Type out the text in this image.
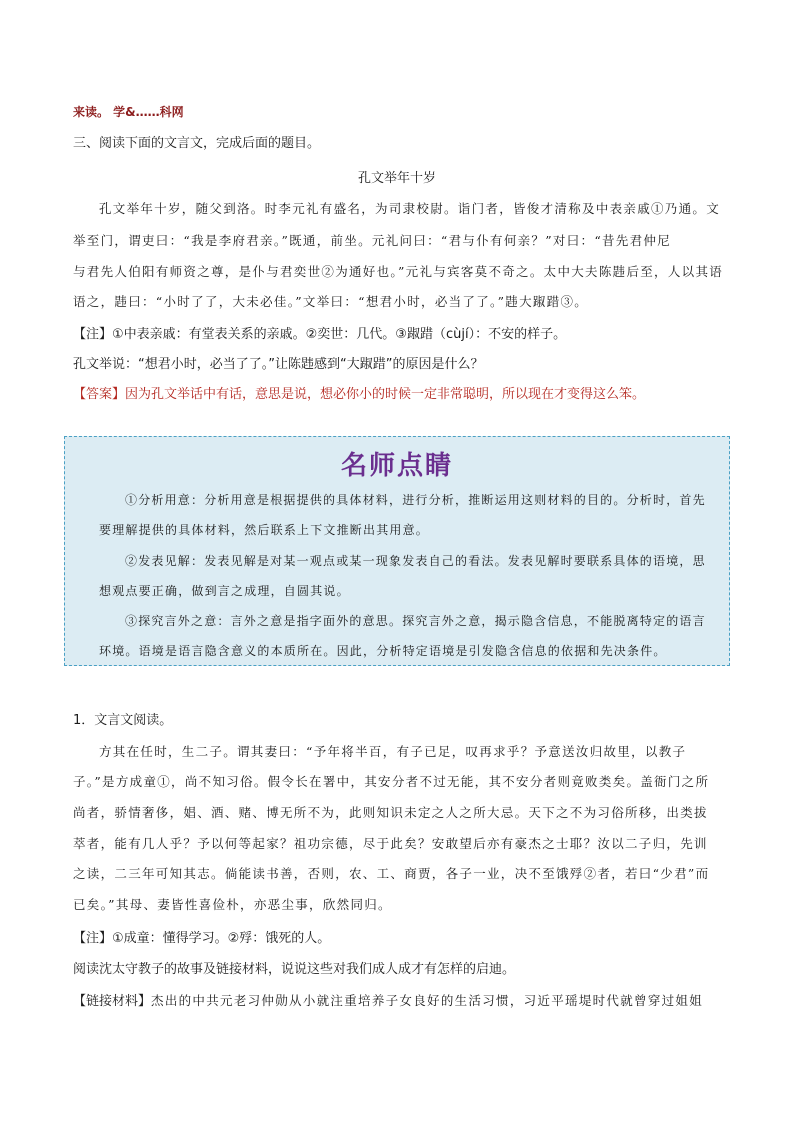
来读。 学&……科网
三、阅读下面的文言文，完成后面的题目。
孔文举年十岁
孔文举年十岁，随父到洛。时李元礼有盛名，为司隶校尉。诣门者，皆俊才清称及中表亲戚①乃通。文
举至门，谓吏曰：“我是李府君亲。”既通，前坐。元礼问曰：“君与仆有何亲？”对曰：“昔先君仲尼
与君先人伯阳有师资之尊，是仆与君奕世②为通好也。”元礼与宾客莫不奇之。太中大夫陈韪后至，人以其语
语之，韪曰：“小时了了，大未必佳。”文举曰：“想君小时，必当了了。”韪大踧踖③。
【注】①中表亲戚：有堂表关系的亲戚。②奕世：几代。③踧踖（cùjí）：不安的样子。
孔文举说：“想君小时，必当了了。”让陈韪感到“大踧踖”的原因是什么？
【答案】因为孔文举话中有话，意思是说，想必你小的时候一定非常聪明，所以现在才变得这么笨。
名师点睛
①分析用意：分析用意是根据提供的具体材料，进行分析，推断运用这则材料的目的。分析时，首先
要理解提供的具体材料，然后联系上下文推断出其用意。
②发表见解：发表见解是对某一观点或某一现象发表自己的看法。发表见解时要联系具体的语境，思
想观点要正确，做到言之成理，自圆其说。
③探究言外之意：言外之意是指字面外的意思。探究言外之意，揭示隐含信息，不能脱离特定的语言
环境。语境是语言隐含意义的本质所在。因此，分析特定语境是引发隐含信息的依据和先决条件。
1．文言文阅读。
方其在任时，生二子。谓其妻曰：“予年将半百，有子已足，叹再求乎？予意送汝归故里，以教子
子。”是方成童①，尚不知习俗。假令长在署中，其安分者不过无能，其不安分者则竟败类矣。盖衙门之所
尚者，骄情奢侈，娼、酒、赌、博无所不为，此则知识未定之人之所大忌。天下之不为习俗所移，出类拔
萃者，能有几人乎？予以何等起家？祖功宗德，尽于此矣？安敢望后亦有豪杰之士耶？汝以二子归，先训
之读，二三年可知其志。倘能读书善，否则，农、工、商贾，各子一业，决不至饿殍②者，若曰“少君”而
已矣。”其母、妻皆性喜俭朴，亦恶尘事，欣然同归。
【注】①成童：懂得学习。②殍：饿死的人。
阅读沈太守教子的故事及链接材料，说说这些对我们成人成才有怎样的启迪。
【链接材料】杰出的中共元老习仲勋从小就注重培养子女良好的生活习惯，习近平瑶堤时代就曾穿过姐姐
